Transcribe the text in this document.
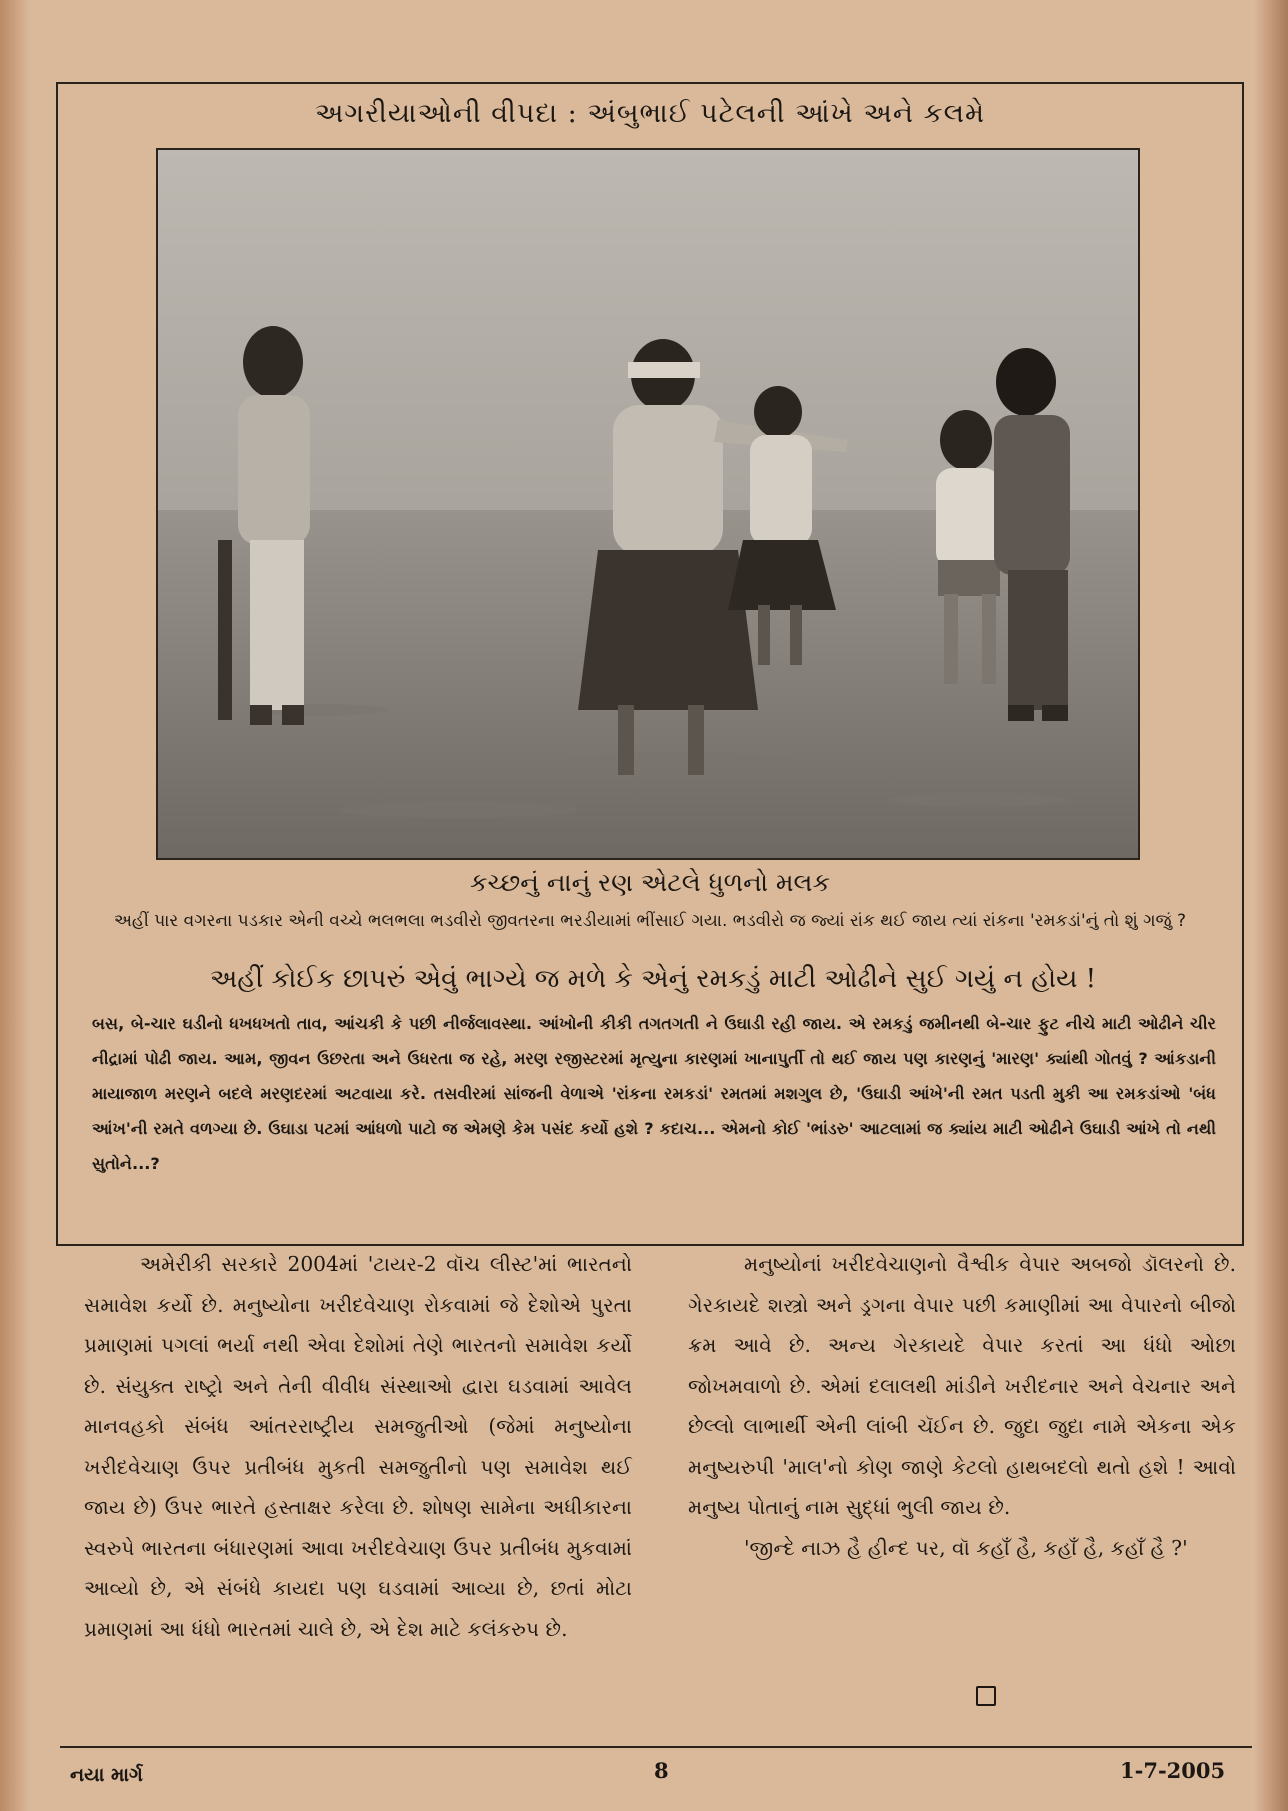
અગરીયાઓની વીપદા : અંબુભાઈ પટેલની આંખે અને કલમે
કચ્છનું નાનું રણ એટલે ધુળનો મલક
અહીં પાર વગરના પડકાર એની વચ્ચે ભલભલા ભડવીરો જીવતરના ભરડીયામાં ભીંસાઈ ગયા. ભડવીરો જ જ્યાં રાંક થઈ જાય ત્યાં રાંકના 'રમકડાં'નું તો શું ગજું ?
અહીં કોઈક છાપરું એવું ભાગ્યે જ મળે કે એનું રમકડું માટી ઓઢીને સુઈ ગયું ન હોય !
બસ, બે-ચાર ઘડીનો ધખધખતો તાવ, આંચકી કે પછી નીર્જલાવસ્થા. આંખોની કીકી તગતગતી ને ઉઘાડી રહી જાય. એ રમકડું જમીનથી બે-ચાર ફુટ નીચે માટી ઓઢીને ચીર નીદ્રામાં પોઢી જાય. આમ, જીવન ઉછરતા અને ઉધરતા જ રહે, મરણ રજીસ્ટરમાં મૃત્યુના કારણમાં ખાનાપુર્તી તો થઈ જાય પણ કારણનું 'મારણ' ક્યાંથી ગોતવું ? આંકડાની માયાજાળ મરણને બદલે મરણદરમાં અટવાયા કરે. તસવીરમાં સાંજની વેળાએ 'રાંકના રમકડાં' રમતમાં મશગુલ છે, 'ઉઘાડી આંખે'ની રમત પડતી મુકી આ રમકડાંઓ 'બંધ આંખ'ની રમતે વળગ્યા છે. ઉઘાડા પટમાં આંધળો પાટો જ એમણે કેમ પસંદ કર્યો હશે ? કદાચ... એમનો કોઈ 'ભાંડરુ' આટલામાં જ ક્યાંય માટી ઓઢીને ઉઘાડી આંખે તો નથી સુતોને...?

અમેરીકી સરકારે 2004માં 'ટાયર-2 વૉચ લીસ્ટ'માં ભારતનો સમાવેશ કર્યો છે. મનુષ્યોના ખરીદવેચાણ રોકવામાં જે દેશોએ પુરતા પ્રમાણમાં પગલાં ભર્યા નથી એવા દેશોમાં તેણે ભારતનો સમાવેશ કર્યો છે. સંયુક્ત રાષ્ટ્રો અને તેની વીવીધ સંસ્થાઓ દ્વારા ઘડવામાં આવેલ માનવહકો સંબંધ આંતરરાષ્ટ્રીય સમજુતીઓ (જેમાં મનુષ્યોના ખરીદવેચાણ ઉપર પ્રતીબંધ મુકતી સમજુતીનો પણ સમાવેશ થઈ જાય છે) ઉપર ભારતે હસ્તાક્ષર કરેલા છે. શોષણ સામેના અધીકારના સ્વરુપે ભારતના બંધારણમાં આવા ખરીદવેચાણ ઉપર પ્રતીબંધ મુકવામાં આવ્યો છે, એ સંબંધે કાયદા પણ ઘડવામાં આવ્યા છે, છતાં મોટા પ્રમાણમાં આ ધંધો ભારતમાં ચાલે છે, એ દેશ માટે કલંકરુપ છે.

મનુષ્યોનાં ખરીદવેચાણનો વૈશ્વીક વેપાર અબજો ડૉલરનો છે. ગેરકાયદે શસ્ત્રો અને ડ્રગના વેપાર પછી કમાણીમાં આ વેપારનો બીજો ક્રમ આવે છે. અન્ય ગેરકાયદે વેપાર કરતાં આ ધંધો ઓછા જોખમવાળો છે. એમાં દલાલથી માંડીને ખરીદનાર અને વેચનાર અને છેલ્લો લાભાર્થી એની લાંબી ચૅઈન છે. જુદા જુદા નામે એકના એક મનુષ્યરુપી 'માલ'નો કોણ જાણે કેટલો હાથબદલો થતો હશે ! આવો મનુષ્ય પોતાનું નામ સુદ્ધાં ભુલી જાય છે.

'જીન્દે નાઝ હૈ હીન્દ પર, વૉ કહાઁ હૈ, કહાઁ હૈ, કહાઁ હૈ ?'

નયા માર્ગ	8	1-7-2005
